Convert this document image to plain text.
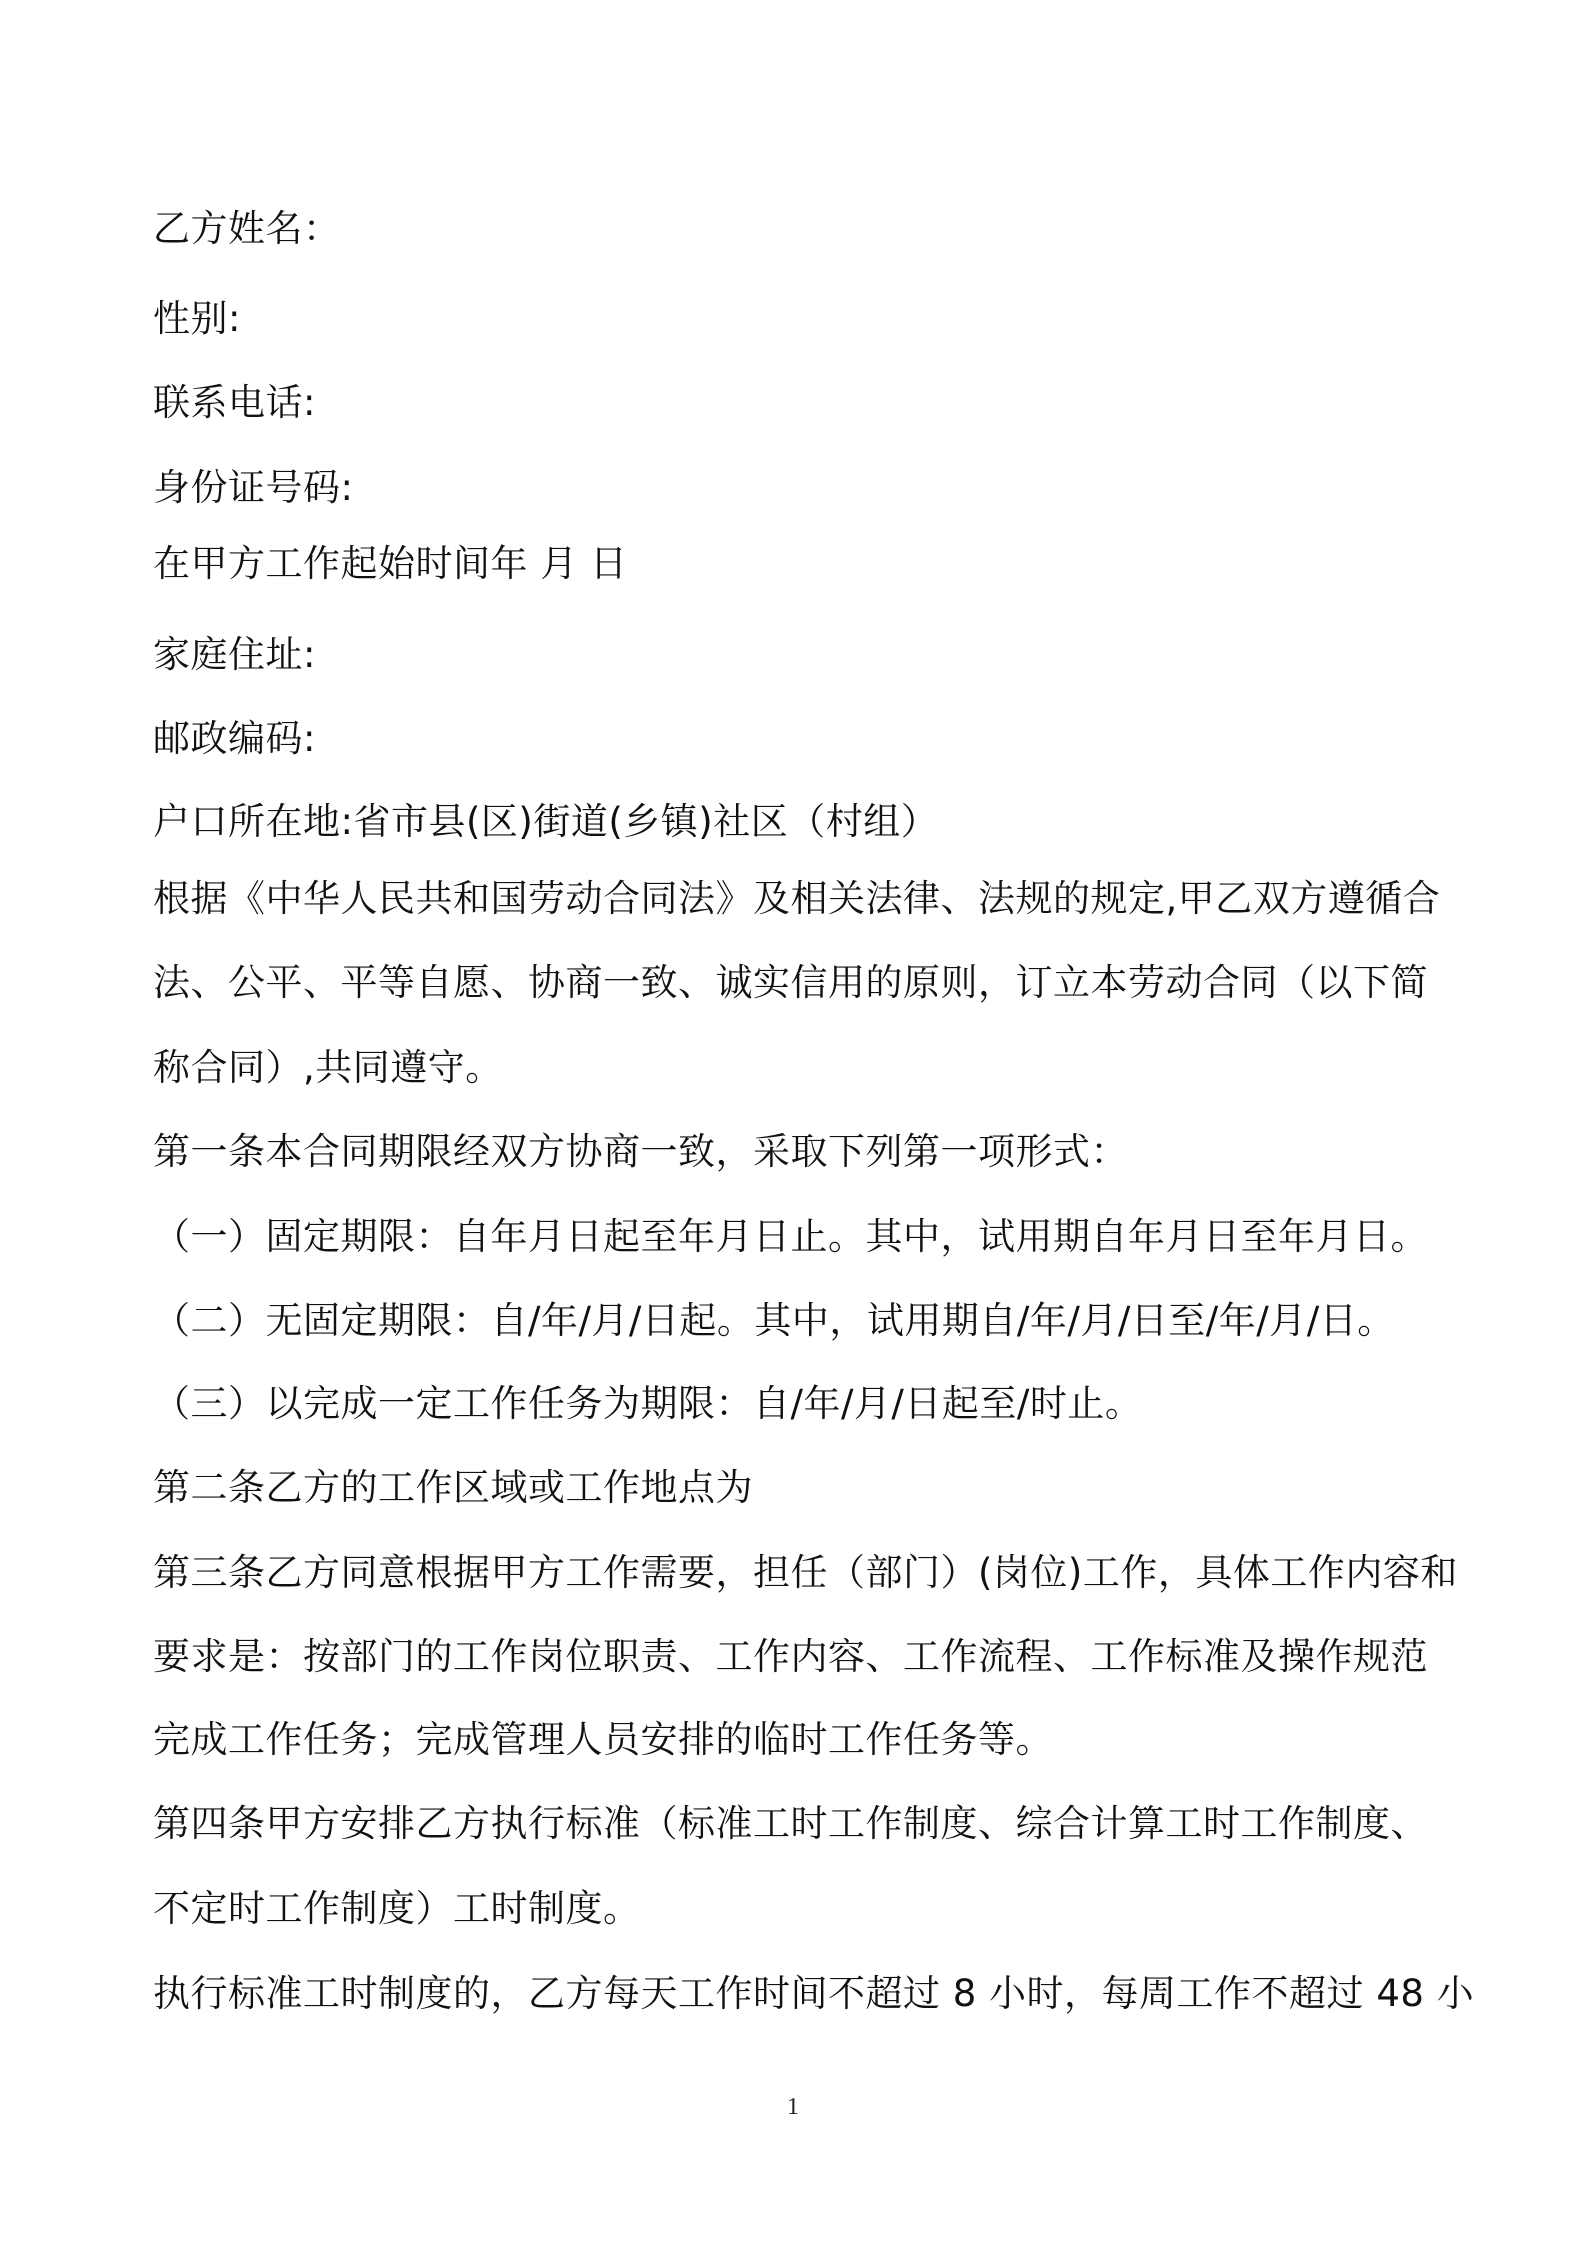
乙方姓名：
性别:
联系电话:
身份证号码:
在甲方工作起始时间年 月 日
家庭住址:
邮政编码:
户口所在地:省市县(区)街道(乡镇)社区（村组）
根据《中华人民共和国劳动合同法》及相关法律、法规的规定,甲乙双方遵循合
法、公平、平等自愿、协商一致、诚实信用的原则，订立本劳动合同（以下简
称合同）,共同遵守。
第一条本合同期限经双方协商一致，采取下列第一项形式：
（一）固定期限：自年月日起至年月日止。其中，试用期自年月日至年月日。
（二）无固定期限：自/年/月/日起。其中，试用期自/年/月/日至/年/月/日。
（三）以完成一定工作任务为期限：自/年/月/日起至/时止。
第二条乙方的工作区域或工作地点为
第三条乙方同意根据甲方工作需要，担任（部门）(岗位)工作，具体工作内容和
要求是：按部门的工作岗位职责、工作内容、工作流程、工作标准及操作规范
完成工作任务；完成管理人员安排的临时工作任务等。
第四条甲方安排乙方执行标准（标准工时工作制度、综合计算工时工作制度、
不定时工作制度）工时制度。
执行标准工时制度的，乙方每天工作时间不超过 8 小时，每周工作不超过 48 小
1
